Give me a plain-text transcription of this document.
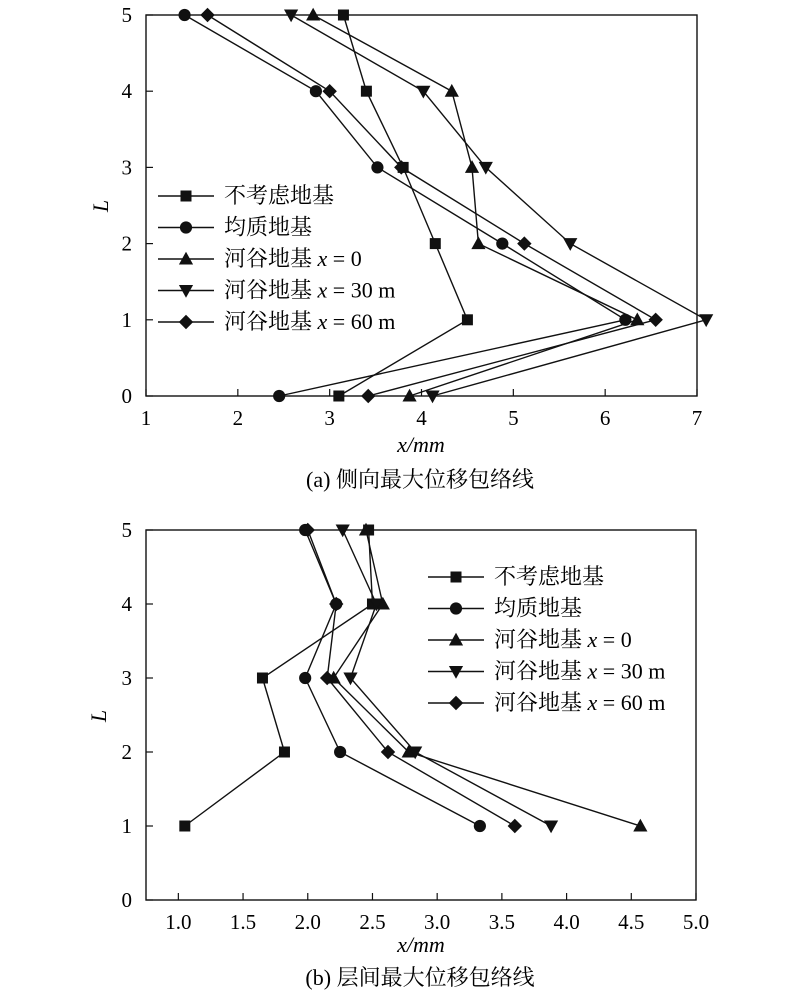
1	2	3	4	5	6	7
0
1
2
3
4
5
不考虑地基
均质地基
河谷地基 x = 0
河谷地基 x = 30 m
河谷地基 x = 60 m
x/mm
L
(a) 侧向最大位移包络线
1.0 1.5 2.0 2.5 3.0 3.5 4.0 4.5 5.0
0
1
2
3
4
5
不考虑地基
均质地基
河谷地基 x = 0
河谷地基 x = 30 m
河谷地基 x = 60 m
x/mm
L
(b) 层间最大位移包络线
